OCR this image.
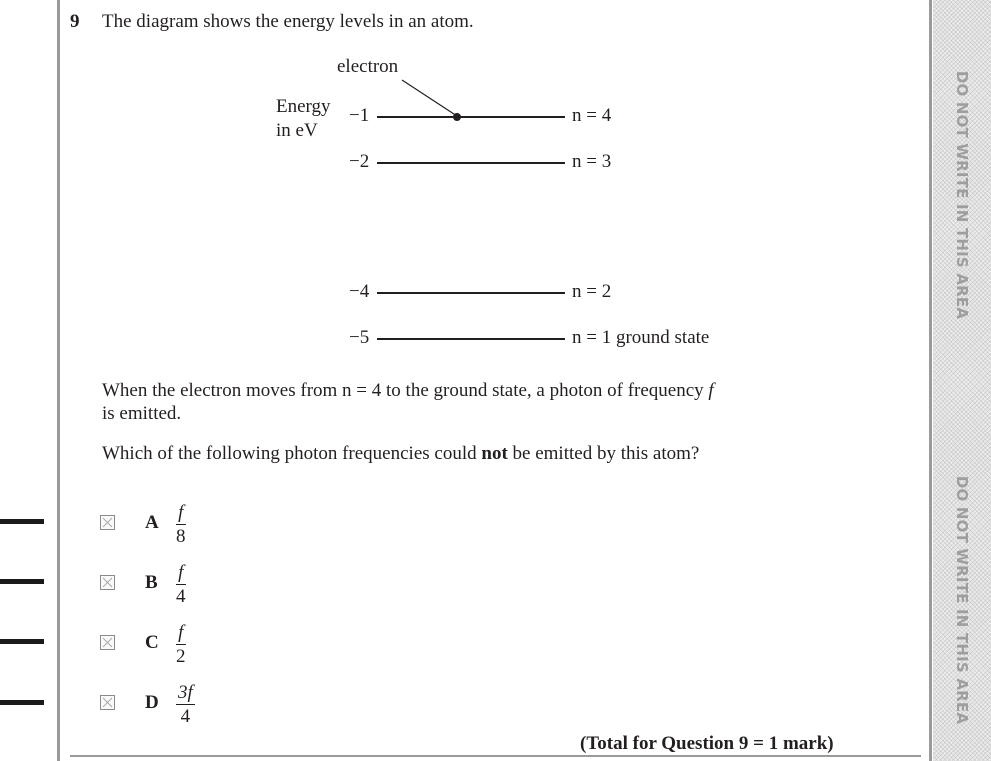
DO NOT WRITE IN THIS AREA
DO NOT WRITE IN THIS AREA
9 The diagram shows the energy levels in an atom.
electron
Energy
in eV
−1	n = 4
−2	n = 3
−4	n = 2
−5	n = 1 ground state
When the electron moves from n = 4 to the ground state, a photon of frequency f
is emitted.
Which of the following photon frequencies could not be emitted by this atom?
A f
8
B f
4
C f
2
D 3f
4
(Total for Question 9 = 1 mark)
